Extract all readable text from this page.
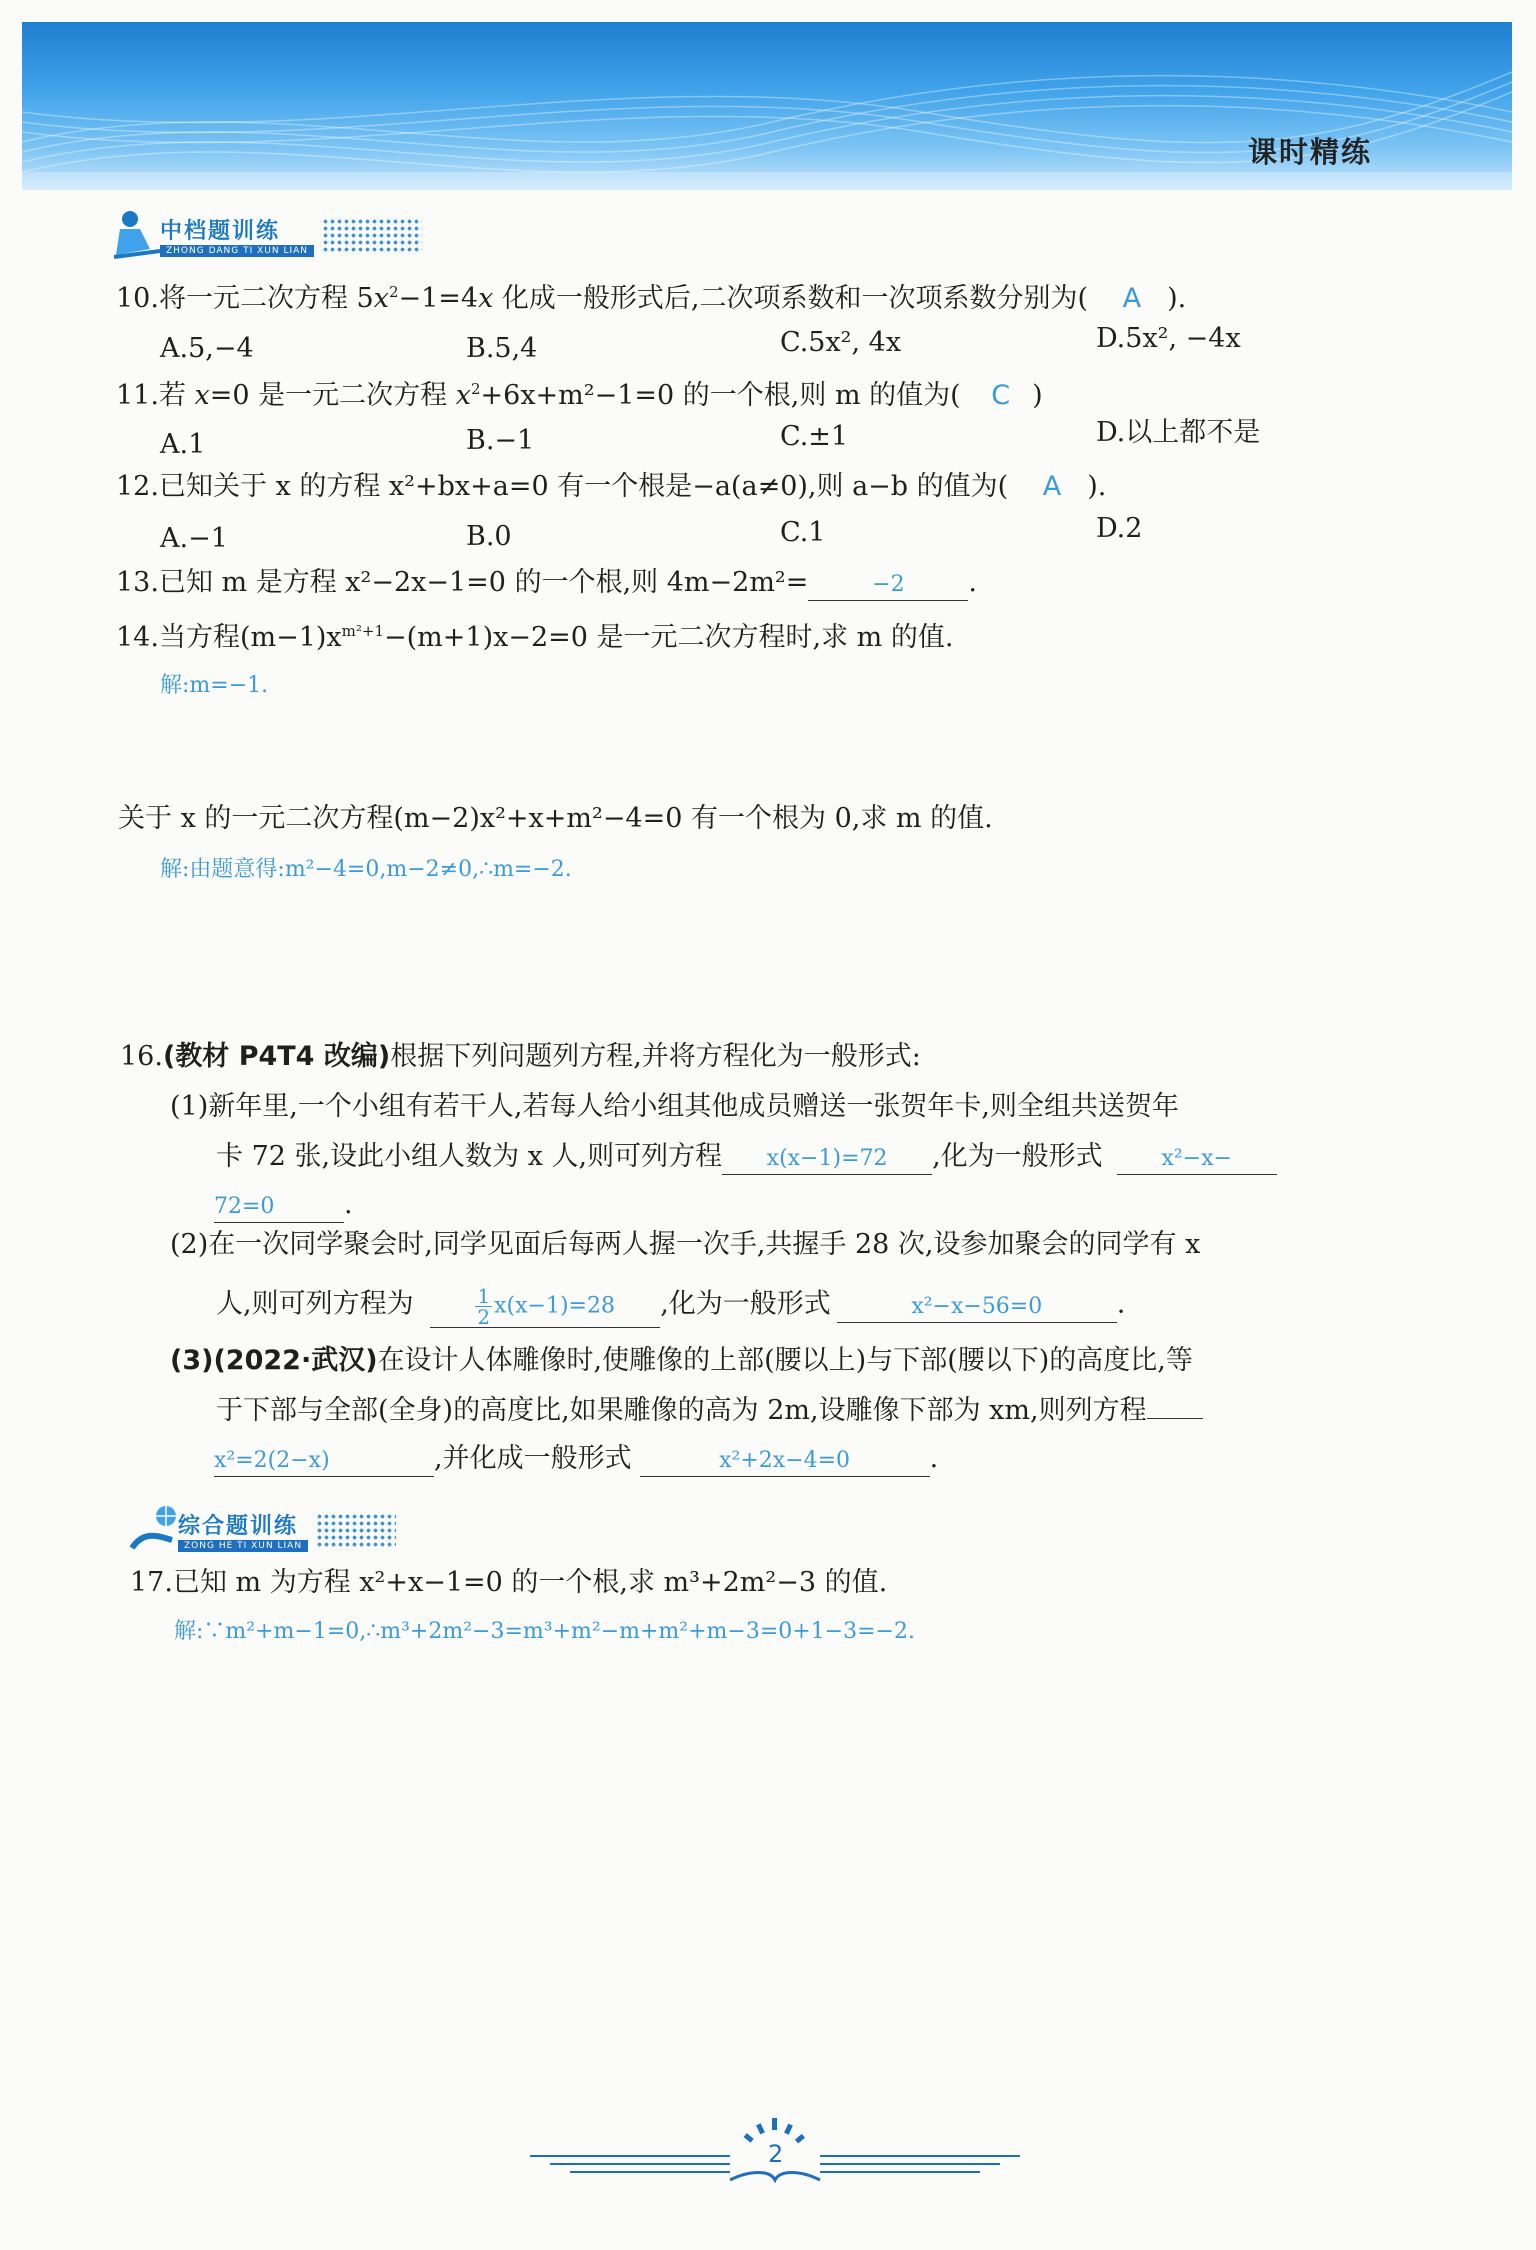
课时精练
中档题训练
ZHONG DANG TI XUN LIAN
10.将一元二次方程 $5x^2-1=4x$ 化成一般形式后,二次项系数和一次项系数分别为( A ).
A.5,−4	B.5,4	C.5x², 4x	D.5x², −4x
11.若 x=0 是一元二次方程 $x^2+6x+m^2-1=0$ 的一个根,则 m 的值为( C )
A.1	B.−1	C.±1	D.以上都不是
12.已知关于 x 的方程 x²+bx+a=0 有一个根是−a(a≠0),则 a−b 的值为( A ).
A.−1	B.0	C.1	D.2
13.已知 m 是方程 x²−2x−1=0 的一个根,则 4m−2m²=	−2 .
14.当方程$(m-1)x^{m^2+1}-(m+1)x-2=0$ 是一元二次方程时,求 m 的值.
解:m=−1.
关于 x 的一元二次方程(m−2)x²+x+m²−4=0 有一个根为 0,求 m 的值.
解:由题意得:m²−4=0,m−2≠0,∴m=−2.
16.(教材 P4T4 改编)根据下列问题列方程,并将方程化为一般形式:
(1)新年里,一个小组有若干人,若每人给小组其他成员赠送一张贺年卡,则全组共送贺年
卡 72 张,设此小组人数为 x 人,则可列方程 x(x−1)=72 ,化为一般形式	x²−x−
72=0	.
(2)在一次同学聚会时,同学见面后每两人握一次手,共握手 28 次,设参加聚会的同学有 x
人,则可列方程为	$\frac{1}{2} x(x-1)=28$ ,化为一般形式	x²−x−56=0	.
(3)(2022·武汉)在设计人体雕像时,使雕像的上部(腰以上)与下部(腰以下)的高度比,等
于下部与全部(全身)的高度比,如果雕像的高为 2m,设雕像下部为 xm,则列方程
x²=2(2−x)	,并化成一般形式	x²+2x−4=0	.
综合题训练
ZONG HE TI XUN LIAN
17.已知 m 为方程 x²+x−1=0 的一个根,求 m³+2m²−3 的值.
解:∵m²+m−1=0,∴m³+2m²−3=m³+m²−m+m²+m−3=0+1−3=−2.
2
